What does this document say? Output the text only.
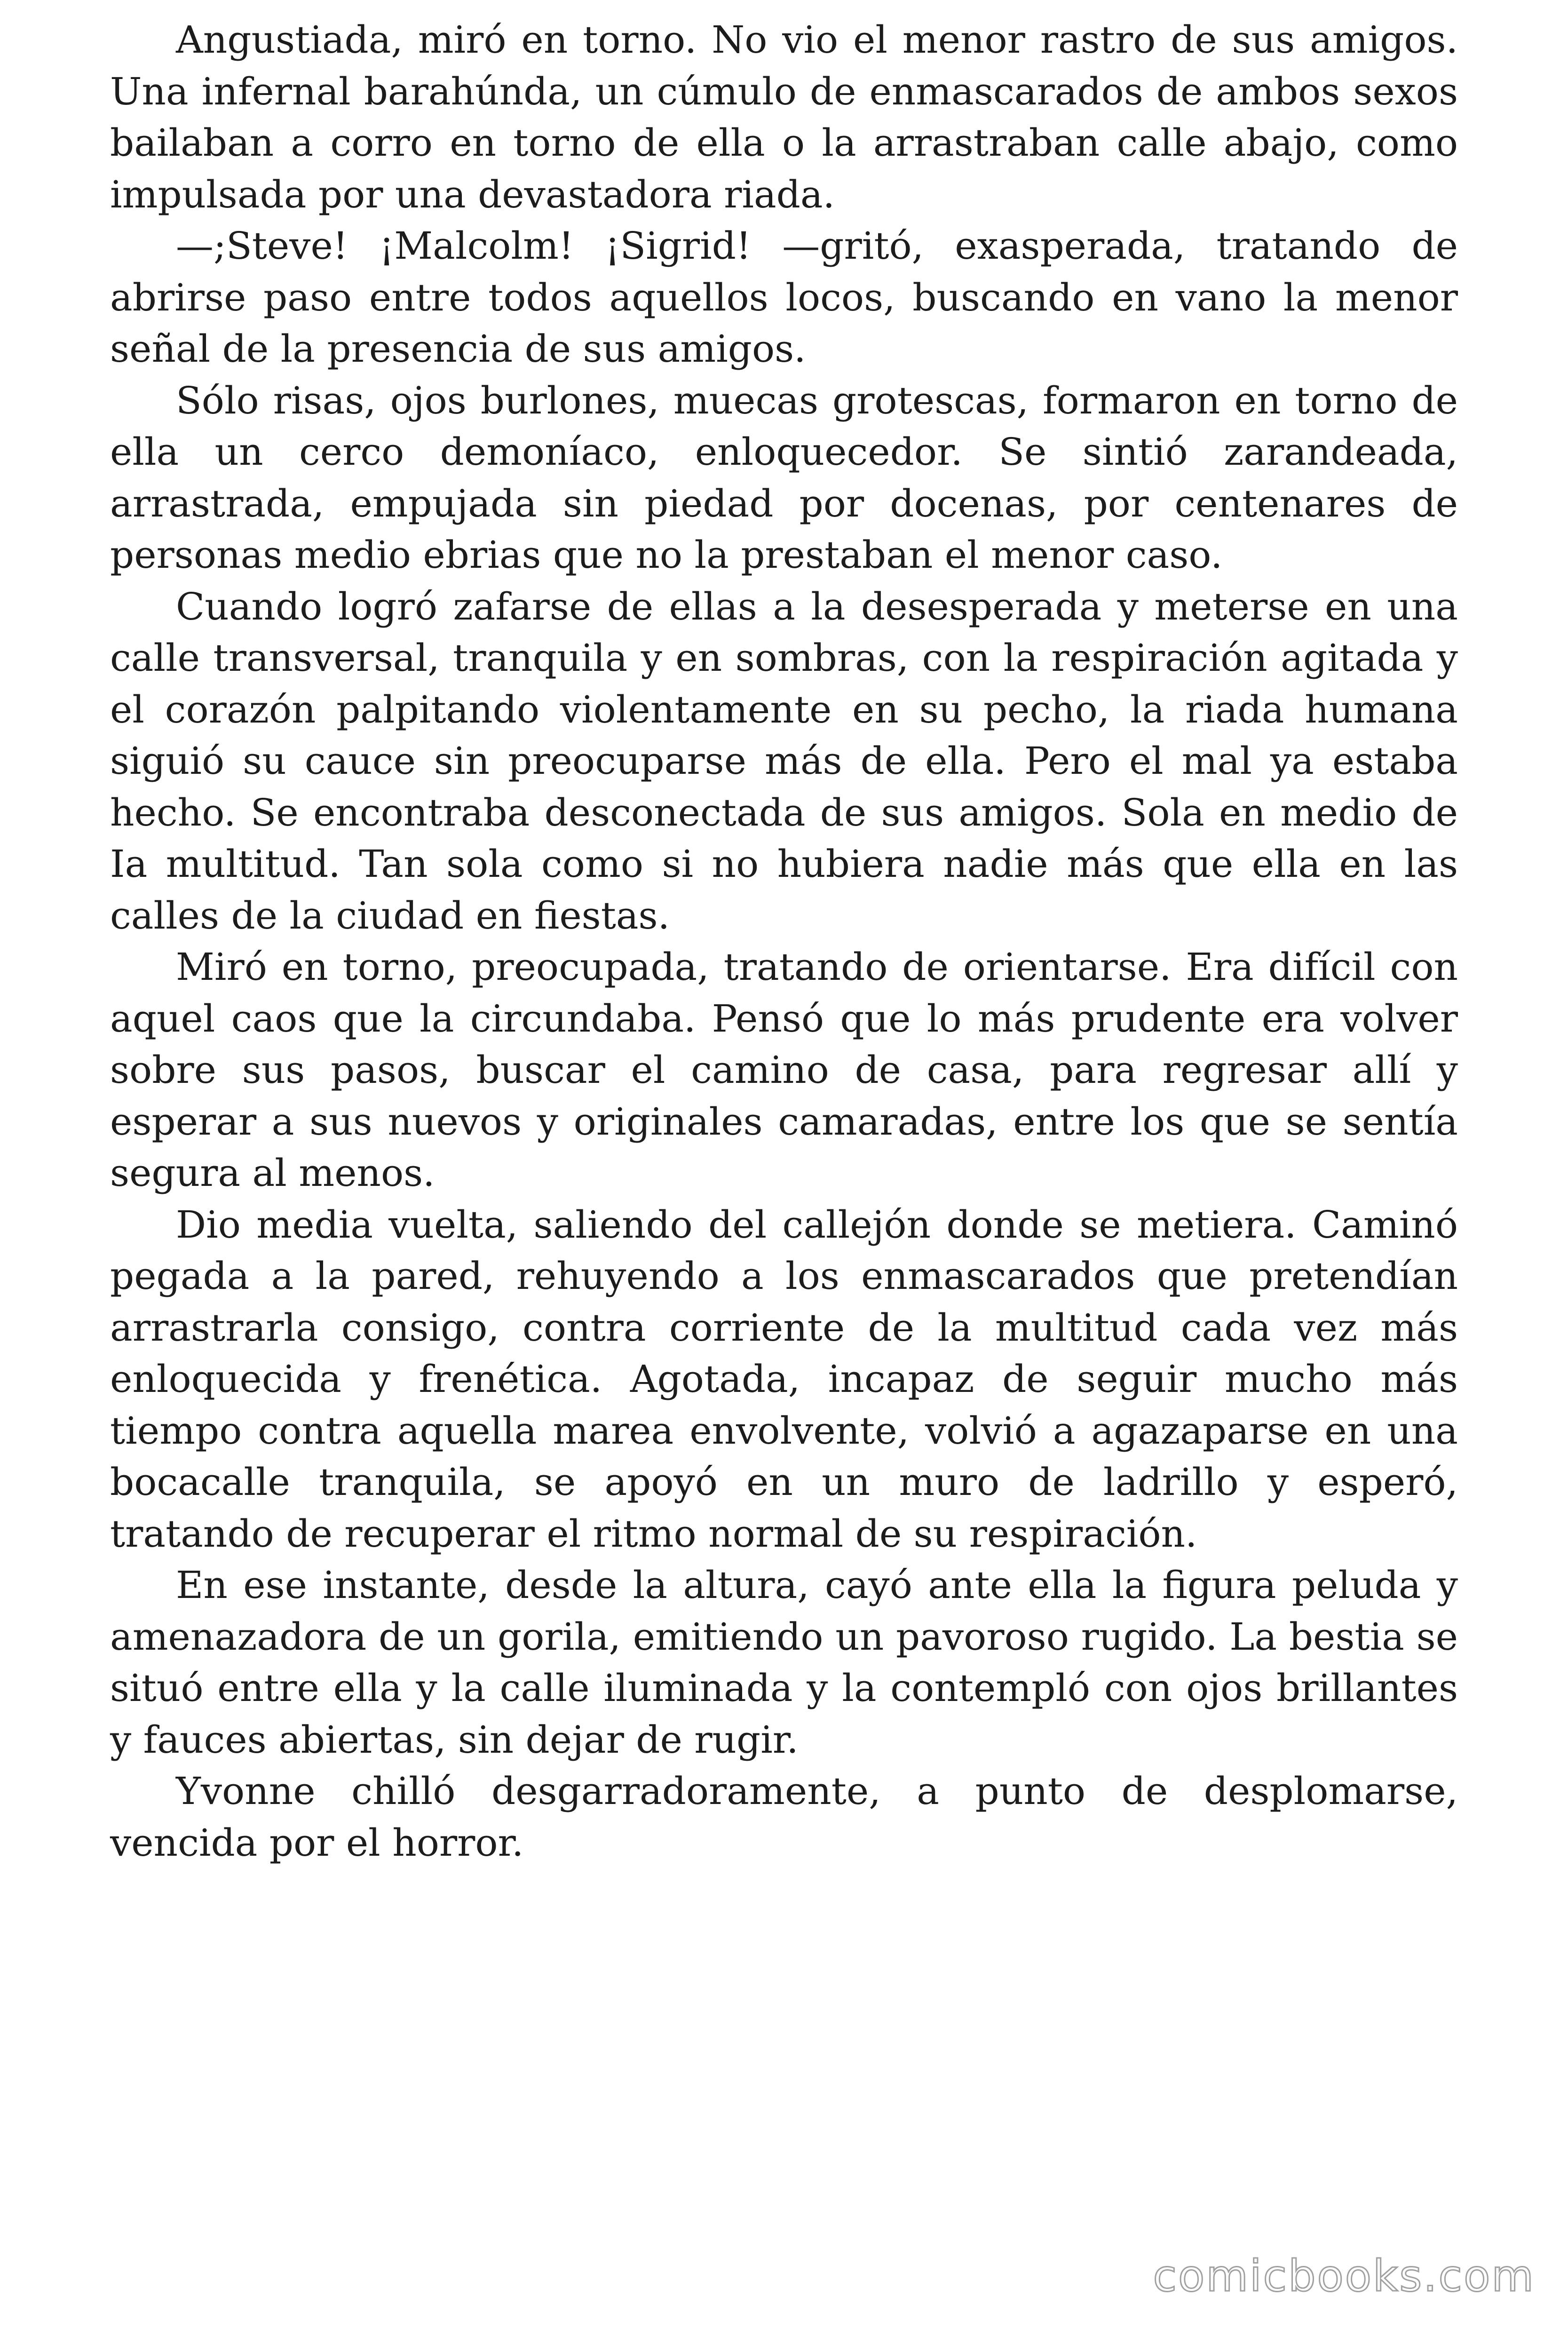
Angustiada, miró en torno. No vio el menor rastro de sus amigos. Una infernal barahúnda, un cúmulo de enmascarados de ambos sexos bailaban a corro en torno de ella o la arrastraban calle abajo, como impulsada por una devastadora riada.

—;Steve! ¡Malcolm! ¡Sigrid! —gritó, exasperada, tratando de abrirse paso entre todos aquellos locos, buscando en vano la menor señal de la presencia de sus amigos.

Sólo risas, ojos burlones, muecas grotescas, formaron en torno de ella un cerco demoníaco, enloquecedor. Se sintió zarandeada, arrastrada, empujada sin piedad por docenas, por centenares de personas medio ebrias que no la prestaban el menor caso.

Cuando logró zafarse de ellas a la desesperada y meterse en una calle transversal, tranquila y en sombras, con la respiración agitada y el corazón palpitando violentamente en su pecho, la riada humana siguió su cauce sin preocuparse más de ella. Pero el mal ya estaba hecho. Se encontraba desconectada de sus amigos. Sola en medio de Ia multitud. Tan sola como si no hubiera nadie más que ella en las calles de la ciudad en fiestas.

Miró en torno, preocupada, tratando de orientarse. Era difícil con aquel caos que la circundaba. Pensó que lo más prudente era volver sobre sus pasos, buscar el camino de casa, para regresar allí y esperar a sus nuevos y originales camaradas, entre los que se sentía segura al menos.

Dio media vuelta, saliendo del callejón donde se metiera. Caminó pegada a la pared, rehuyendo a los enmascarados que pretendían arrastrarla consigo, contra corriente de la multitud cada vez más enloquecida y frenética. Agotada, incapaz de seguir mucho más tiempo contra aquella marea envolvente, volvió a agazaparse en una bocacalle tranquila, se apoyó en un muro de ladrillo y esperó, tratando de recuperar el ritmo normal de su respiración.

En ese instante, desde la altura, cayó ante ella la figura peluda y amenazadora de un gorila, emitiendo un pavoroso rugido. La bestia se situó entre ella y la calle iluminada y la contempló con ojos brillantes y fauces abiertas, sin dejar de rugir.

Yvonne chilló desgarradoramente, a punto de desplomarse, vencida por el horror.

comicbooks.com
